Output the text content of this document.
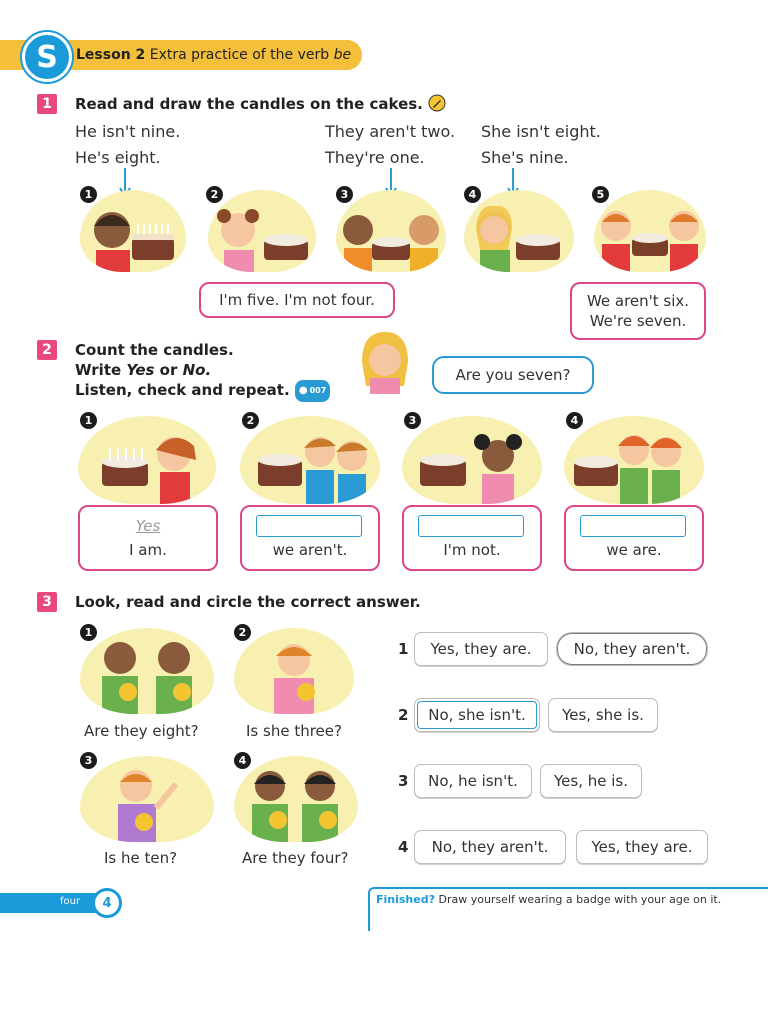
S	Lesson 2 Extra practice of the verb be
1	Read and draw the candles on the cakes.
He isn't nine.
He's eight.
They aren't two.
They're one.
She isn't eight.
She's nine.
1	2	3	4	5
I'm five. I'm not four.	We aren't six.
We're seven.
2	Count the candles.
Write Yes or No.
Listen, check and repeat. ● 007
Are you seven?
1	2	3	4
Yes
I am.	we aren't.	I'm not.	we are.
3	Look, read and circle the correct answer.
1	2
Are they eight?	Is she three?
3	4
Is he ten?	Are they four?
1	Yes, they are.	No, they aren't.
2	No, she isn't.	Yes, she is.
3	No, he isn't.	Yes, he is.
4	No, they aren't.	Yes, they are.
four	4	Finished? Draw yourself wearing a badge with your age on it.
